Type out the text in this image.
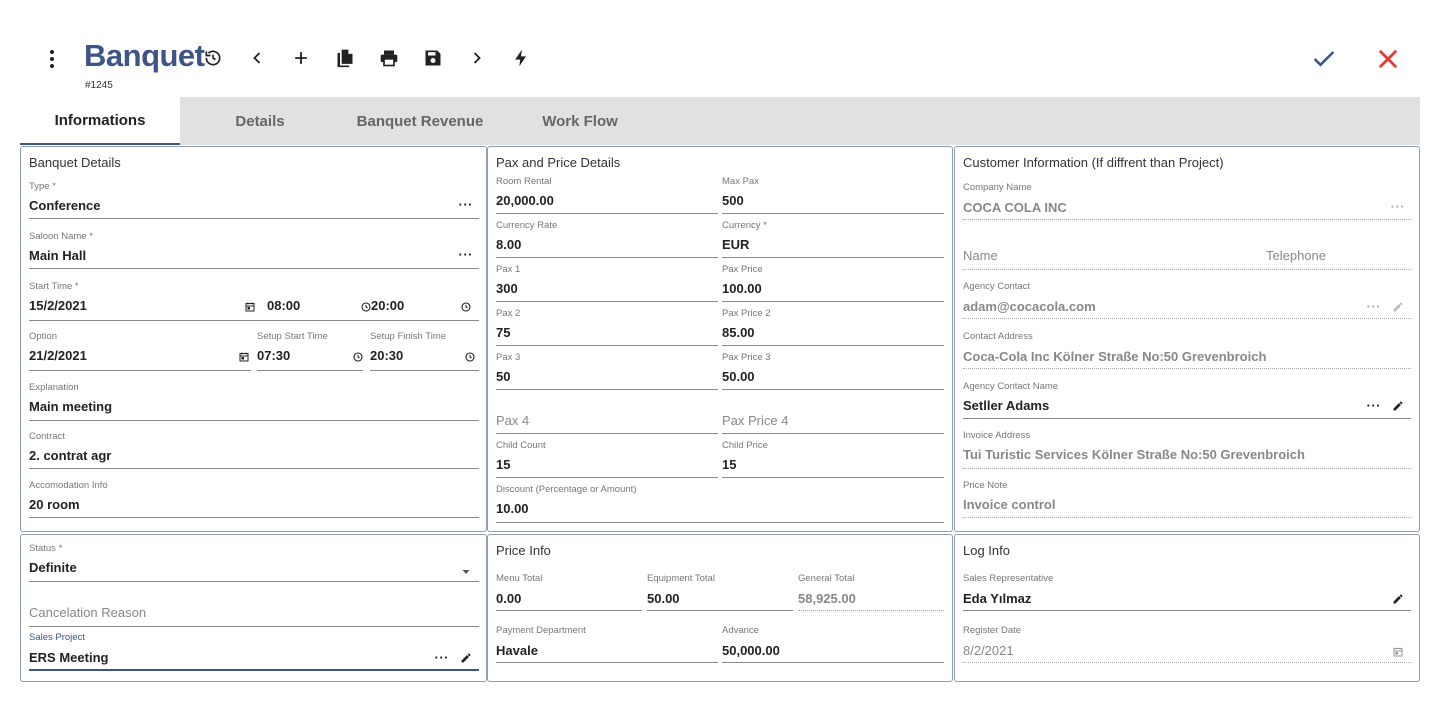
Banquet
#1245
Informations	Details	Banquet Revenue	Work Flow
Banquet Details
Type *
Conference	···
Saloon Name *
Main Hall	···
Start Time *
15/2/2021	08:00	20:00
Option
21/2/2021
Setup Start Time
07:30
Setup Finish Time
20:30
Explanation
Main meeting
Contract
2. contrat agr
Accomodation Info
20 room
Pax and Price Details
Room Rental
20,000.00
Max Pax
500
Currency Rate
8.00
Currency *
EUR
Pax 1
300
Pax Price
100.00
Pax 2
75
Pax Price 2
85.00
Pax 3
50
Pax Price 3
50.00
Pax 4	Pax Price 4
Child Count
15
Child Price
15
Discount (Percentage or Amount)
10.00
Customer Information (If diffrent than Project)
Company Name
COCA COLA INC	···
Name	Telephone
Agency Contact
adam@cocacola.com	···
Contact Address
Coca-Cola Inc Kölner Straße No:50 Grevenbroich
Agency Contact Name
Setller Adams	···
Invoice Address
Tui Turistic Services Kölner Straße No:50 Grevenbroich
Price Note
Invoice control
Status *
Definite
Cancelation Reason
Sales Project
ERS Meeting	···
Price Info
Menu Total
0.00
Equipment Total
50.00
General Total
58,925.00
Payment Department
Havale
Advance
50,000.00
Log Info
Sales Representative
Eda Yılmaz
Register Date
8/2/2021
